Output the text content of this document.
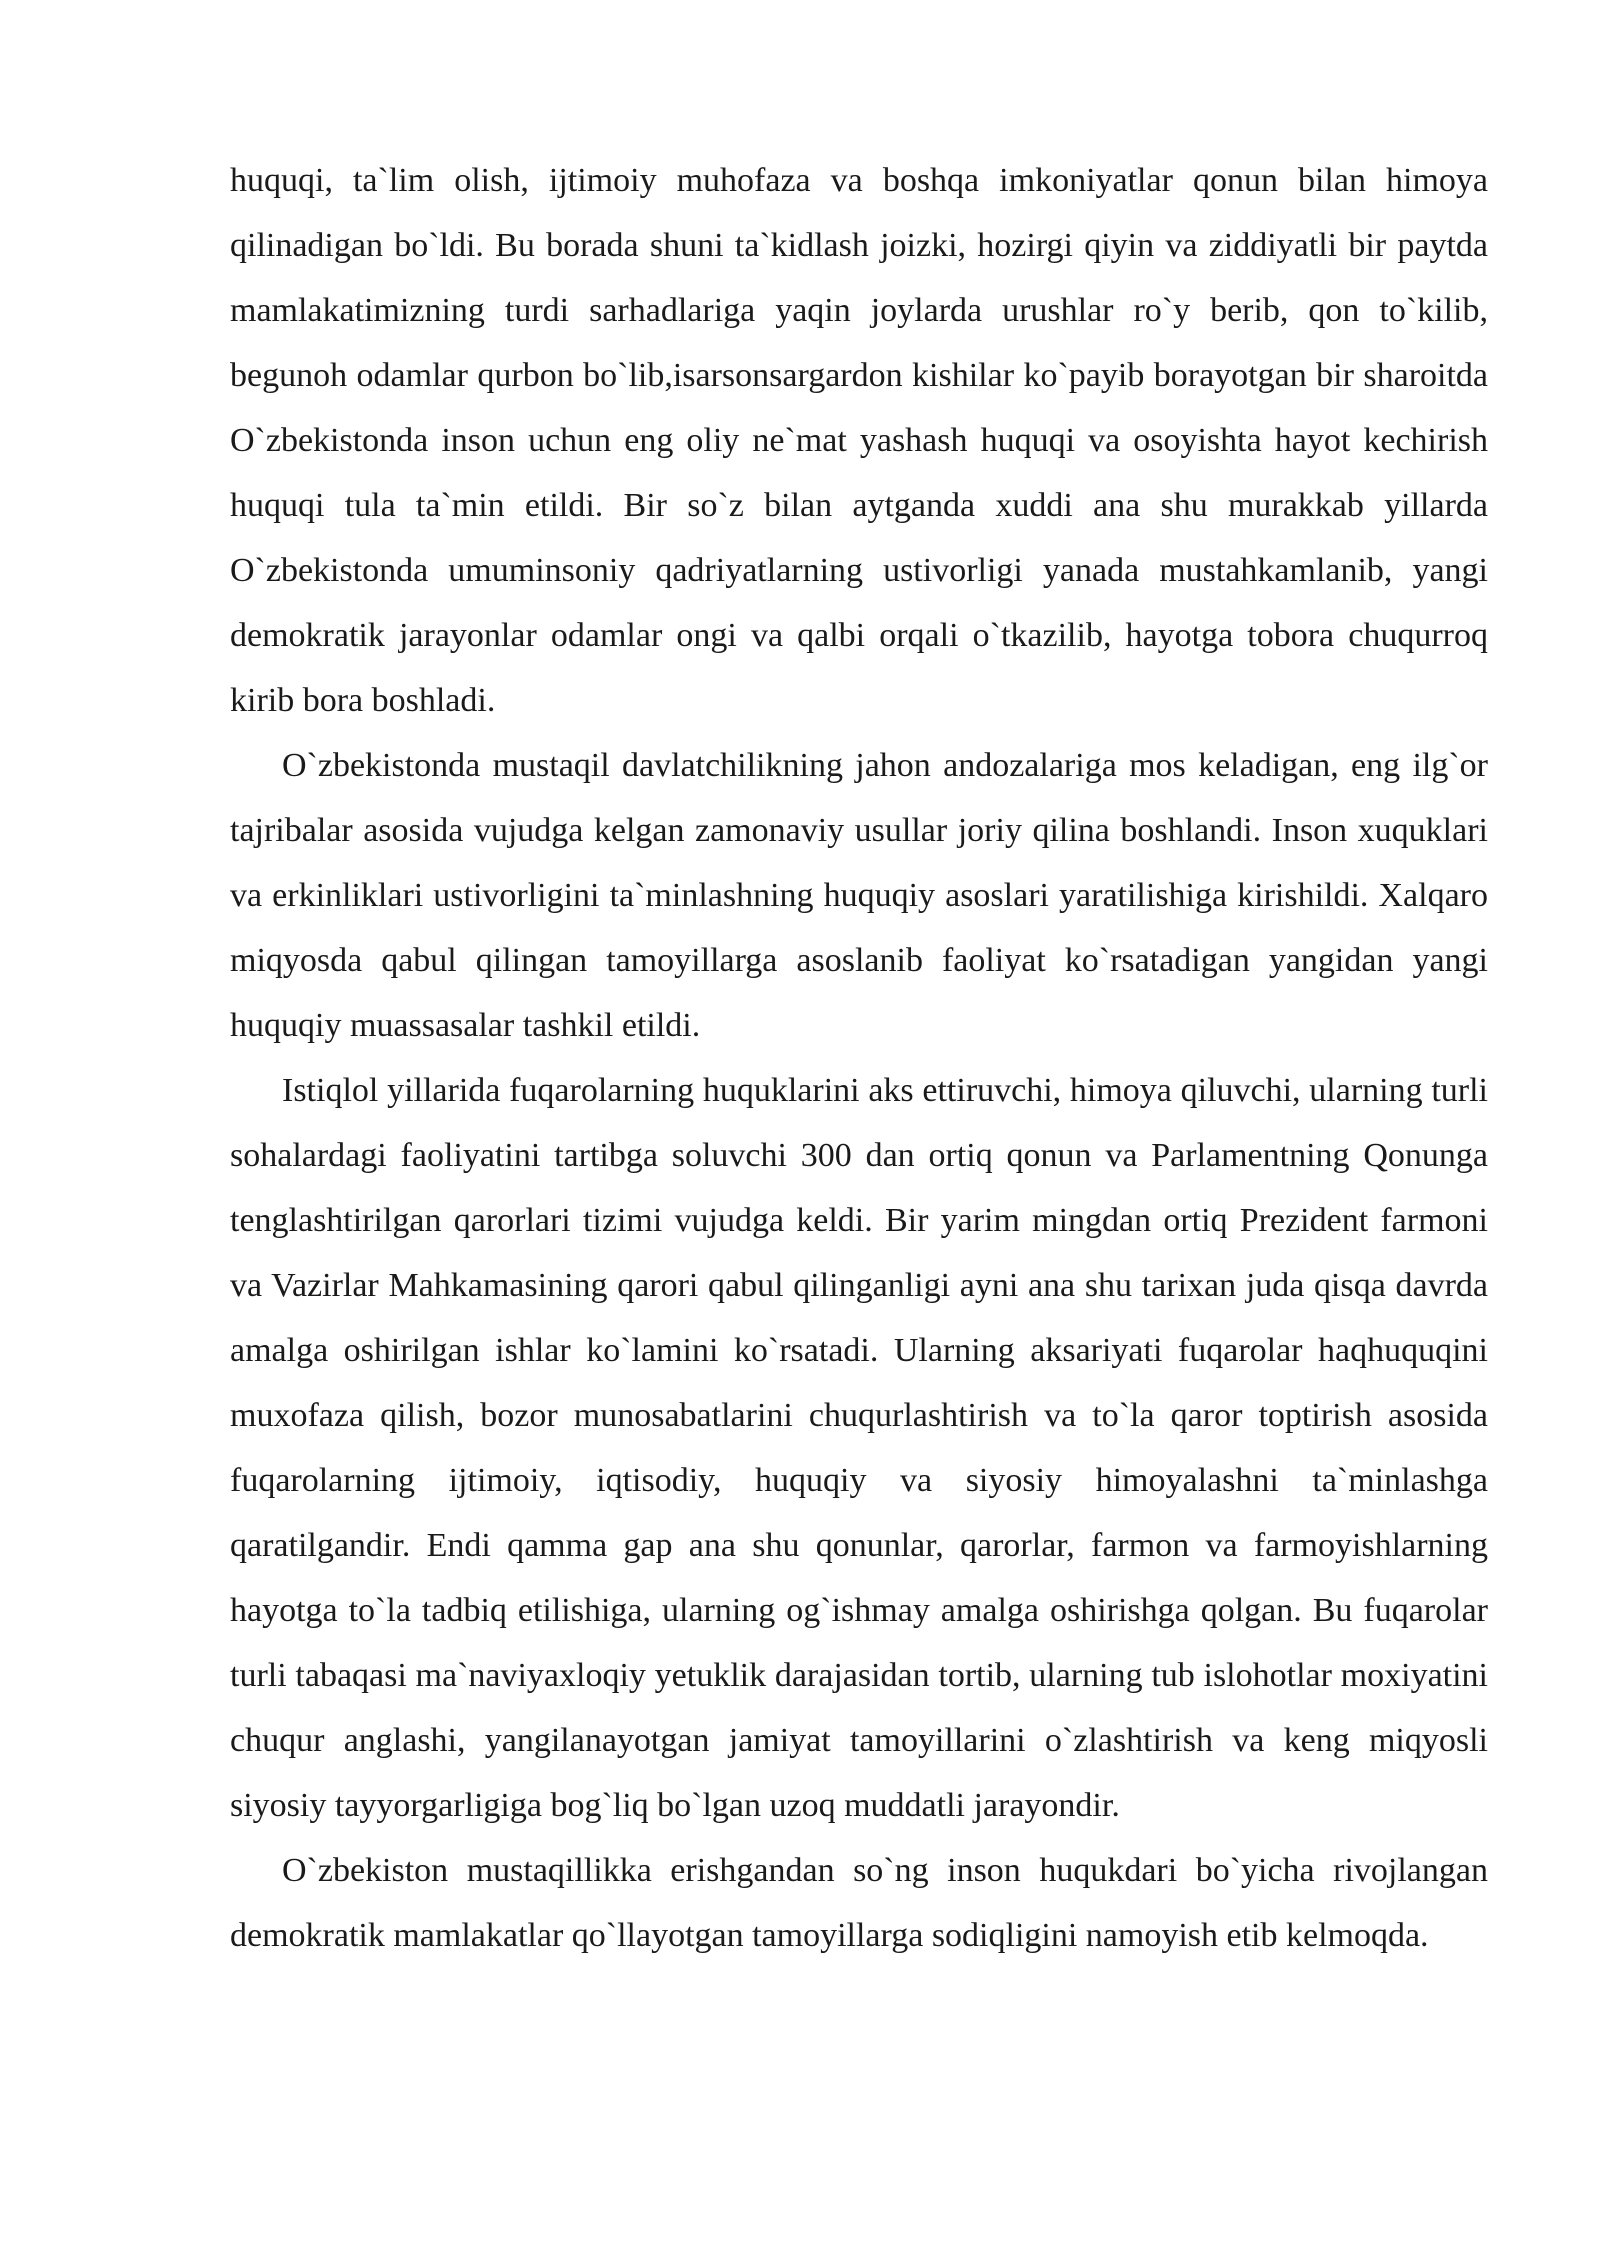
huquqi, ta`lim olish, ijtimoiy muhofaza va boshqa imkoniyatlar qonun bilan himoya qilinadigan bo`ldi. Bu borada shuni ta`kidlash joizki, hozirgi qiyin va ziddiyatli bir paytda mamlakatimizning turdi sarhadlariga yaqin joylarda urushlar ro`y berib, qon to`kilib, begunoh odamlar qurbon bo`lib,isarsonsargardon kishilar ko`payib borayotgan bir sharoitda O`zbekistonda inson uchun eng oliy ne`mat yashash huquqi va osoyishta hayot kechirish huquqi tula ta`min etildi. Bir so`z bilan aytganda xuddi ana shu murakkab yillarda O`zbekistonda umuminsoniy qadriyatlarning ustivorligi yanada mustahkamlanib, yangi demokratik jarayonlar odamlar ongi va qalbi orqali o`tkazilib, hayotga tobora chuqurroq kirib bora boshladi.

O`zbekistonda mustaqil davlatchilikning jahon andozalariga mos keladigan, eng ilg`or tajribalar asosida vujudga kelgan zamonaviy usullar joriy qilina boshlandi. Inson xuquklari va erkinliklari ustivorligini ta`minlashning huquqiy asoslari yaratilishiga kirishildi. Xalqaro miqyosda qabul qilingan tamoyillarga asoslanib faoliyat ko`rsatadigan yangidan yangi huquqiy muassasalar tashkil etildi.

Istiqlol yillarida fuqarolarning huquklarini aks ettiruvchi, himoya qiluvchi, ularning turli sohalardagi faoliyatini tartibga soluvchi 300 dan ortiq qonun va Parlamentning Qonunga tenglashtirilgan qarorlari tizimi vujudga keldi. Bir yarim mingdan ortiq Prezident farmoni va Vazirlar Mahkamasining qarori qabul qilinganligi ayni ana shu tarixan juda qisqa davrda amalga oshirilgan ishlar ko`lamini ko`rsatadi. Ularning aksariyati fuqarolar haqhuquqini muxofaza qilish, bozor munosabatlarini chuqurlashtirish va to`la qaror toptirish asosida fuqarolarning ijtimoiy, iqtisodiy, huquqiy va siyosiy himoyalashni ta`minlashga qaratilgandir. Endi qamma gap ana shu qonunlar, qarorlar, farmon va farmoyishlarning hayotga to`la tadbiq etilishiga, ularning og`ishmay amalga oshirishga qolgan. Bu fuqarolar turli tabaqasi ma`naviyaxloqiy yetuklik darajasidan tortib, ularning tub islohotlar moxiyatini chuqur anglashi, yangilanayotgan jamiyat tamoyillarini o`zlashtirish va keng miqyosli siyosiy tayyorgarligiga bog`liq bo`lgan uzoq muddatli jarayondir.

O`zbekiston mustaqillikka erishgandan so`ng inson huqukdari bo`yicha rivojlangan demokratik mamlakatlar qo`llayotgan tamoyillarga sodiqligini namoyish etib kelmoqda.
